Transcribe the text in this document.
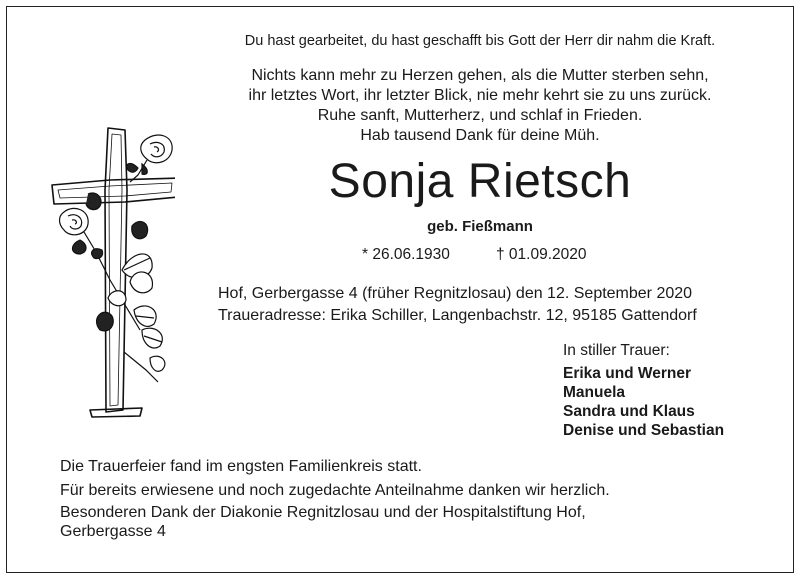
Du hast gearbeitet, du hast geschafft bis Gott der Herr dir nahm die Kraft.
Nichts kann mehr zu Herzen gehen, als die Mutter sterben sehn,
ihr letztes Wort, ihr letzter Blick, nie mehr kehrt sie zu uns zurück.
Ruhe sanft, Mutterherz, und schlaf in Frieden.
Hab tausend Dank für deine Müh.
Sonja Rietsch
geb. Fießmann
* 26.06.1930	† 01.09.2020
Hof, Gerbergasse 4 (früher Regnitzlosau) den 12. September 2020
Traueradresse: Erika Schiller, Langenbachstr. 12, 95185 Gattendorf
In stiller Trauer:
Erika und Werner
Manuela
Sandra und Klaus
Denise und Sebastian
Die Trauerfeier fand im engsten Familienkreis statt.
Für bereits erwiesene und noch zugedachte Anteilnahme danken wir herzlich.
Besonderen Dank der Diakonie Regnitzlosau und der Hospitalstiftung Hof,
Gerbergasse 4
